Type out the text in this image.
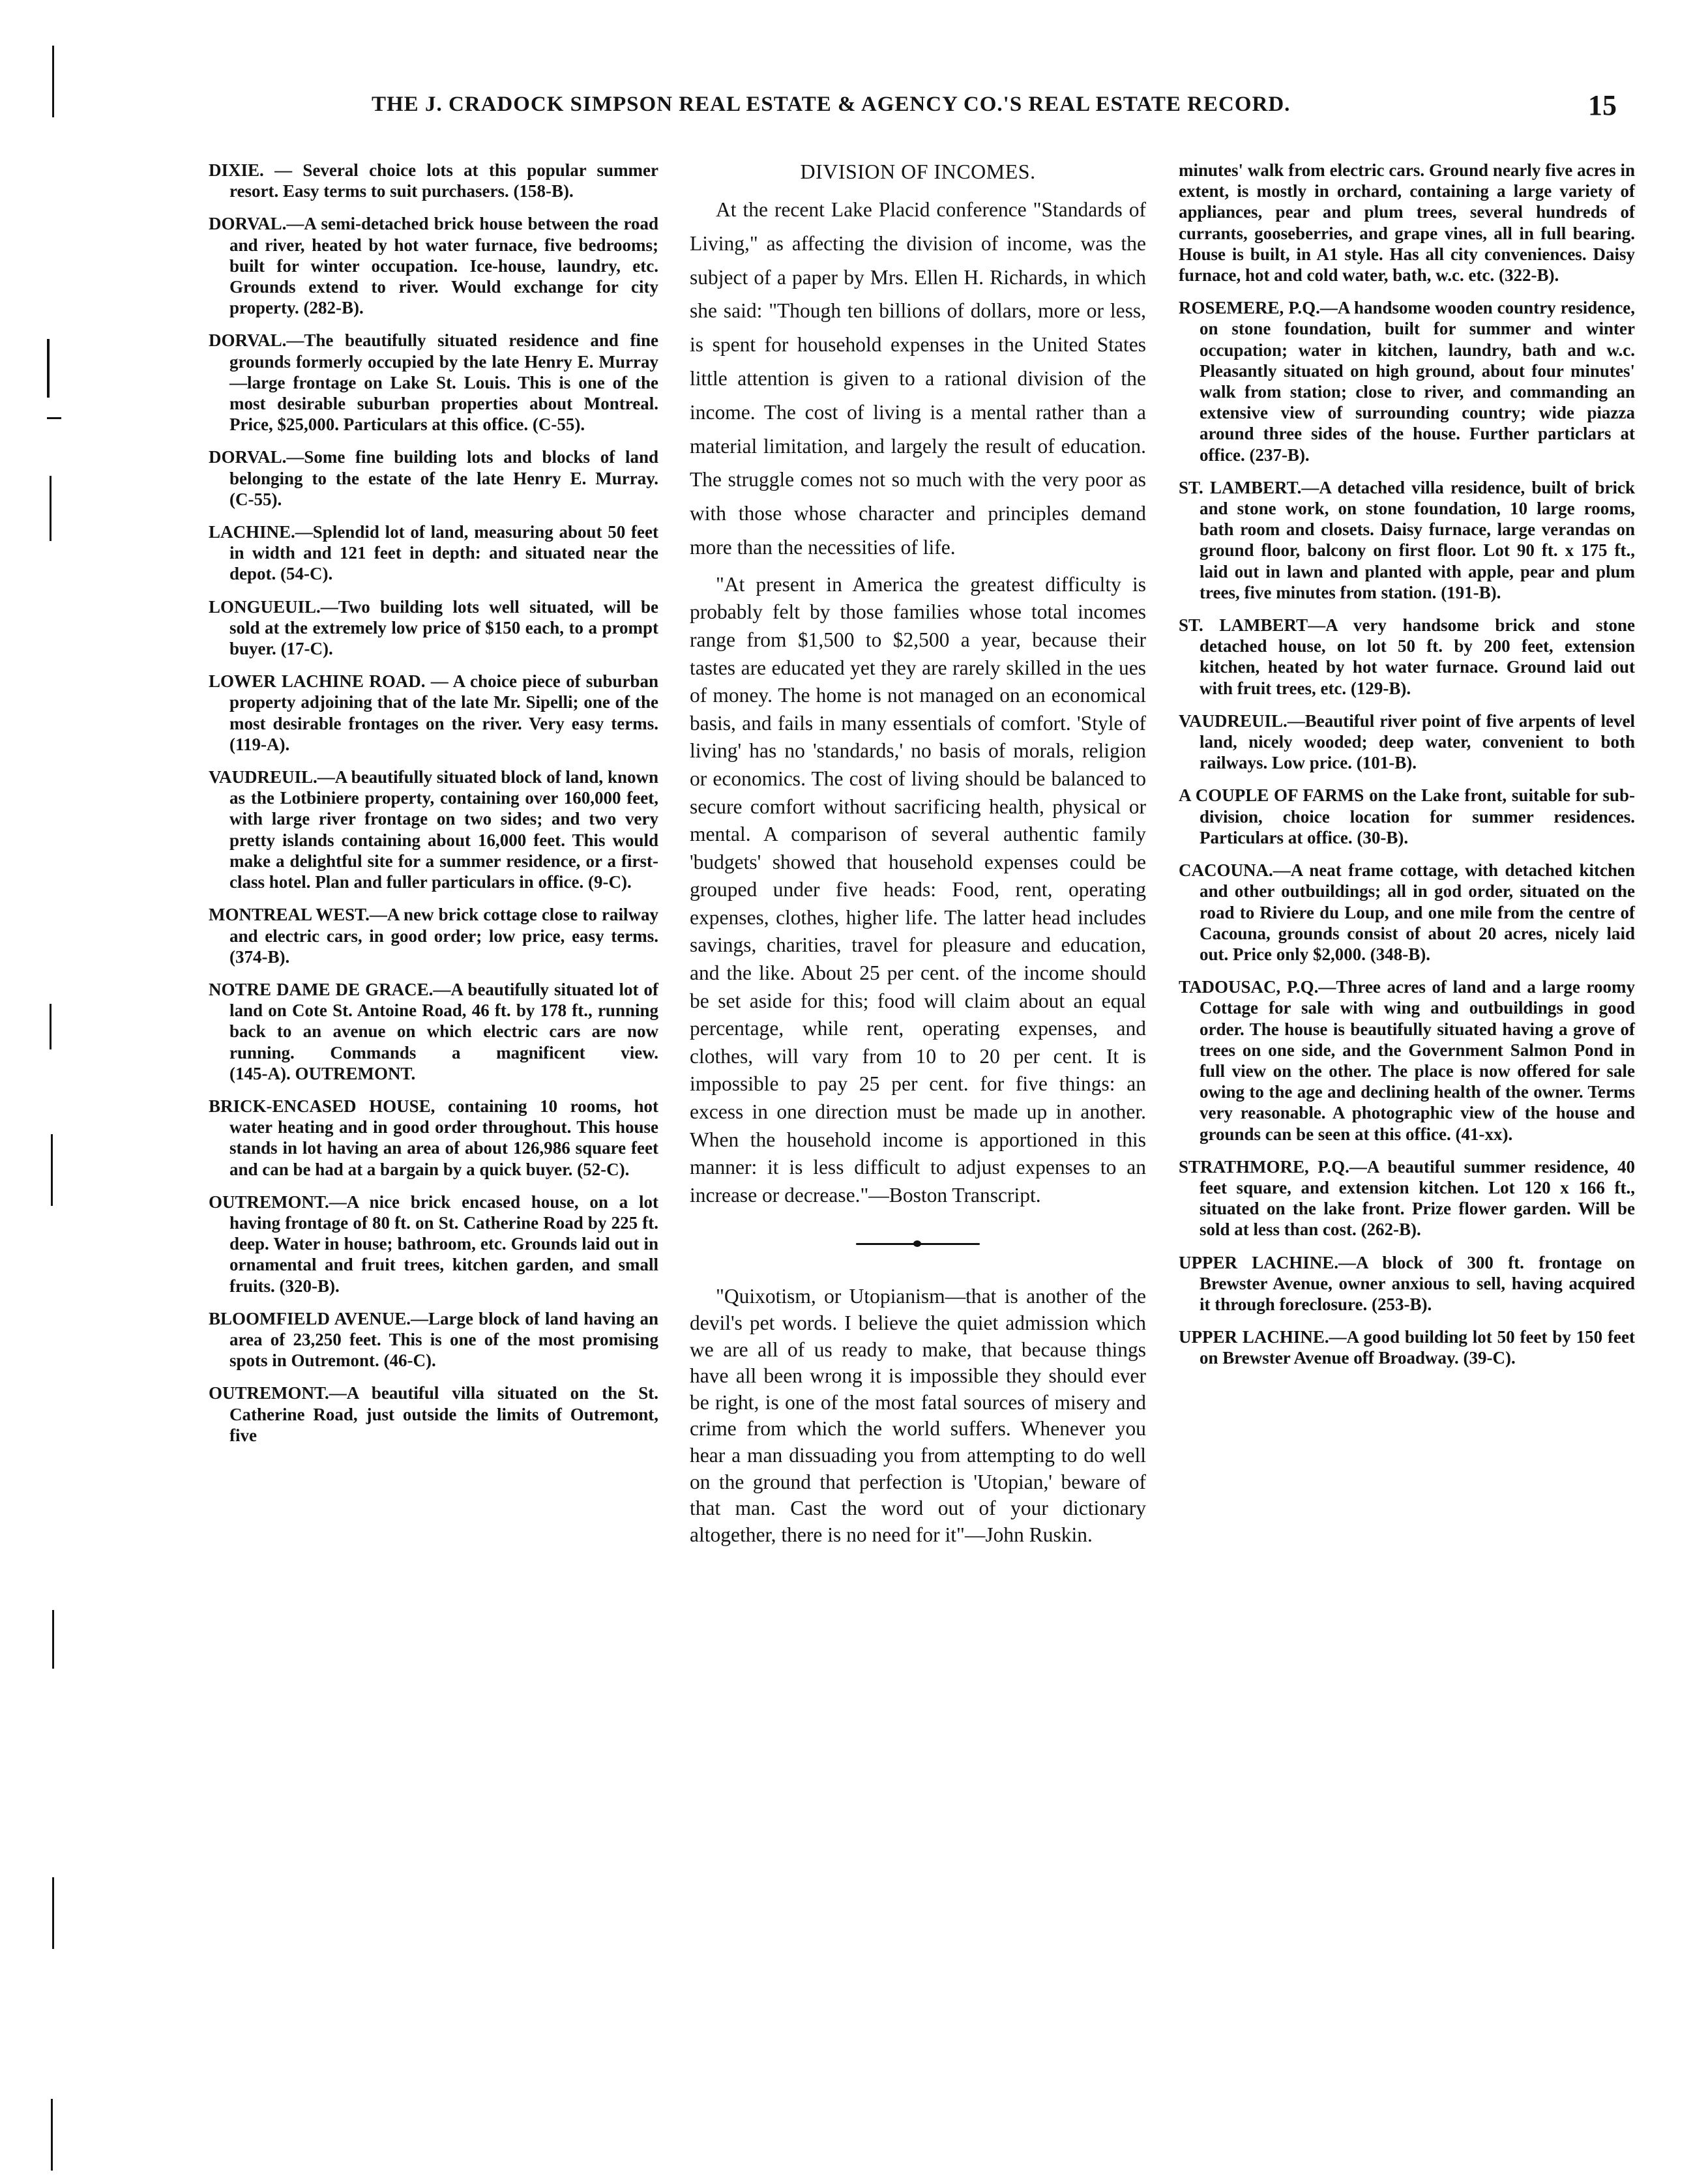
THE J. CRADOCK SIMPSON REAL ESTATE & AGENCY CO.'S REAL ESTATE RECORD.	15

DIXIE. — Several choice lots at this popular summer resort. Easy terms to suit purchasers. (158-B).

DORVAL.—A semi-detached brick house between the road and river, heated by hot water furnace, five bedrooms; built for winter occupation. Ice-house, laundry, etc. Grounds extend to river. Would exchange for city property. (282-B).

DORVAL.—The beautifully situated residence and fine grounds formerly occupied by the late Henry E. Murray —large frontage on Lake St. Louis. This is one of the most desirable suburban properties about Montreal. Price, $25,000. Particulars at this office. (C-55).

DORVAL.—Some fine building lots and blocks of land belonging to the estate of the late Henry E. Murray. (C-55).

LACHINE.—Splendid lot of land, measuring about 50 feet in width and 121 feet in depth: and situated near the depot. (54-C).

LONGUEUIL.—Two building lots well situated, will be sold at the extremely low price of $150 each, to a prompt buyer. (17-C).

LOWER LACHINE ROAD. — A choice piece of suburban property adjoining that of the late Mr. Sipelli; one of the most desirable frontages on the river. Very easy terms. (119-A).

VAUDREUIL.—A beautifully situated block of land, known as the Lotbiniere property, containing over 160,000 feet, with large river frontage on two sides; and two very pretty islands containing about 16,000 feet. This would make a delightful site for a summer residence, or a first-class hotel. Plan and fuller particulars in office. (9-C).

MONTREAL WEST.—A new brick cottage close to railway and electric cars, in good order; low price, easy terms. (374-B).

NOTRE DAME DE GRACE.—A beautifully situated lot of land on Cote St. Antoine Road, 46 ft. by 178 ft., running back to an avenue on which electric cars are now running. Commands a magnificent view. (145-A). OUTREMONT.

BRICK-ENCASED HOUSE, containing 10 rooms, hot water heating and in good order throughout. This house stands in lot having an area of about 126,986 square feet and can be had at a bargain by a quick buyer. (52-C).

OUTREMONT.—A nice brick encased house, on a lot having frontage of 80 ft. on St. Catherine Road by 225 ft. deep. Water in house; bathroom, etc. Grounds laid out in ornamental and fruit trees, kitchen garden, and small fruits. (320-B).

BLOOMFIELD AVENUE.—Large block of land having an area of 23,250 feet. This is one of the most promising spots in Outremont. (46-C).

OUTREMONT.—A beautiful villa situated on the St. Catherine Road, just outside the limits of Outremont, five

DIVISION OF INCOMES.

At the recent Lake Placid conference "Standards of Living," as affecting the division of income, was the subject of a paper by Mrs. Ellen H. Richards, in which she said: "Though ten billions of dollars, more or less, is spent for household expenses in the United States little attention is given to a rational division of the income. The cost of living is a mental rather than a material limitation, and largely the result of education. The struggle comes not so much with the very poor as with those whose character and principles demand more than the necessities of life.

"At present in America the greatest difficulty is probably felt by those families whose total incomes range from $1,500 to $2,500 a year, because their tastes are educated yet they are rarely skilled in the ues of money. The home is not managed on an economical basis, and fails in many essentials of comfort. 'Style of living' has no 'standards,' no basis of morals, religion or economics. The cost of living should be balanced to secure comfort without sacrificing health, physical or mental. A comparison of several authentic family 'budgets' showed that household expenses could be grouped under five heads: Food, rent, operating expenses, clothes, higher life. The latter head includes savings, charities, travel for pleasure and education, and the like. About 25 per cent. of the income should be set aside for this; food will claim about an equal percentage, while rent, operating expenses, and clothes, will vary from 10 to 20 per cent. It is impossible to pay 25 per cent. for five things: an excess in one direction must be made up in another. When the household income is apportioned in this manner: it is less difficult to adjust expenses to an increase or decrease."—Boston Transcript.

"Quixotism, or Utopianism—that is another of the devil's pet words. I believe the quiet admission which we are all of us ready to make, that because things have all been wrong it is impossible they should ever be right, is one of the most fatal sources of misery and crime from which the world suffers. Whenever you hear a man dissuading you from attempting to do well on the ground that perfection is 'Utopian,' beware of that man. Cast the word out of your dictionary altogether, there is no need for it"—John Ruskin.

minutes' walk from electric cars. Ground nearly five acres in extent, is mostly in orchard, containing a large variety of appliances, pear and plum trees, several hundreds of currants, gooseberries, and grape vines, all in full bearing. House is built, in A1 style. Has all city conveniences. Daisy furnace, hot and cold water, bath, w.c. etc. (322-B).

ROSEMERE, P.Q.—A handsome wooden country residence, on stone foundation, built for summer and winter occupation; water in kitchen, laundry, bath and w.c. Pleasantly situated on high ground, about four minutes' walk from station; close to river, and commanding an extensive view of surrounding country; wide piazza around three sides of the house. Further particlars at office. (237-B).

ST. LAMBERT.—A detached villa residence, built of brick and stone work, on stone foundation, 10 large rooms, bath room and closets. Daisy furnace, large verandas on ground floor, balcony on first floor. Lot 90 ft. x 175 ft., laid out in lawn and planted with apple, pear and plum trees, five minutes from station. (191-B).

ST. LAMBERT—A very handsome brick and stone detached house, on lot 50 ft. by 200 feet, extension kitchen, heated by hot water furnace. Ground laid out with fruit trees, etc. (129-B).

VAUDREUIL.—Beautiful river point of five arpents of level land, nicely wooded; deep water, convenient to both railways. Low price. (101-B).

A COUPLE OF FARMS on the Lake front, suitable for sub-division, choice location for summer residences. Particulars at office. (30-B).

CACOUNA.—A neat frame cottage, with detached kitchen and other outbuildings; all in god order, situated on the road to Riviere du Loup, and one mile from the centre of Cacouna, grounds consist of about 20 acres, nicely laid out. Price only $2,000. (348-B).

TADOUSAC, P.Q.—Three acres of land and a large roomy Cottage for sale with wing and outbuildings in good order. The house is beautifully situated having a grove of trees on one side, and the Government Salmon Pond in full view on the other. The place is now offered for sale owing to the age and declining health of the owner. Terms very reasonable. A photographic view of the house and grounds can be seen at this office. (41-xx).

STRATHMORE, P.Q.—A beautiful summer residence, 40 feet square, and extension kitchen. Lot 120 x 166 ft., situated on the lake front. Prize flower garden. Will be sold at less than cost. (262-B).

UPPER LACHINE.—A block of 300 ft. frontage on Brewster Avenue, owner anxious to sell, having acquired it through foreclosure. (253-B).

UPPER LACHINE.—A good building lot 50 feet by 150 feet on Brewster Avenue off Broadway. (39-C).
